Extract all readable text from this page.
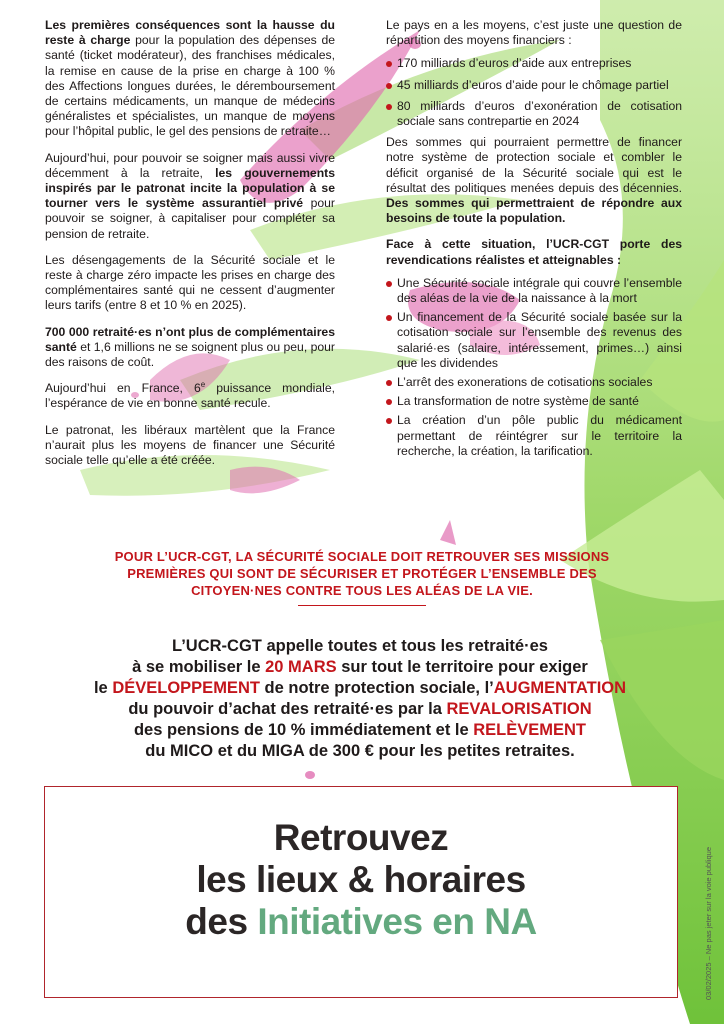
Les premières conséquences sont la hausse du reste à charge pour la population des dépenses de santé (ticket modérateur), des franchises médicales, la remise en cause de la prise en charge à 100 % des Affections longues durées, le déremboursement de certains médicaments, un manque de médecins généralistes et spécialistes, un manque de moyens pour l’hôpital public, le gel des pensions de retraite…

Aujourd’hui, pour pouvoir se soigner mais aussi vivre décemment à la retraite, les gouvernements inspirés par le patronat incite la population à se tourner vers le système assurantiel privé pour pouvoir se soigner, à capitaliser pour compléter sa pension de retraite.

Les désengagements de la Sécurité sociale et le reste à charge zéro impacte les prises en charge des complémentaires santé qui ne cessent d’augmenter leurs tarifs (entre 8 et 10 % en 2025).

700 000 retraité·es n’ont plus de complémentaires santé et 1,6 millions ne se soignent plus ou peu, pour des raisons de coût.

Aujourd’hui en France, 6e puissance mondiale, l’espérance de vie en bonne santé recule.

Le patronat, les libéraux martèlent que la France n’aurait plus les moyens de financer une Sécurité sociale telle qu’elle a été créée.

Le pays en a les moyens, c’est juste une question de répartition des moyens financiers :

170 milliards d’euros d’aide aux entreprises
45 milliards d’euros d’aide pour le chômage partiel
80 milliards d’euros d’exonération de cotisation sociale sans contrepartie en 2024

Des sommes qui pourraient permettre de financer notre système de protection sociale et combler le déficit organisé de la Sécurité sociale qui est le résultat des politiques menées depuis des décennies. Des sommes qui permettraient de répondre aux besoins de toute la population.

Face à cette situation, l’UCR-CGT porte des revendications réalistes et atteignables :

Une Sécurité sociale intégrale qui couvre l’ensemble des aléas de la vie de la naissance à la mort
Un financement de la Sécurité sociale basée sur la cotisation sociale sur l’ensemble des revenus des salarié·es (salaire, intéressement, primes…) ainsi que les dividendes
L’arrêt des exonerations de cotisations sociales
La transformation de notre système de santé
La création d’un pôle public du médicament permettant de réintégrer sur le territoire la recherche, la création, la tarification.
POUR L’UCR-CGT, LA SÉCURITÉ SOCIALE DOIT RETROUVER SES MISSIONS
PREMIÈRES QUI SONT DE SÉCURISER ET PROTÉGER L’ENSEMBLE DES
CITOYEN·NES CONTRE TOUS LES ALÉAS DE LA VIE.
L’UCR-CGT appelle toutes et tous les retraité·es
à se mobiliser le 20 MARS sur tout le territoire pour exiger
le DÉVELOPPEMENT de notre protection sociale, l’AUGMENTATION
du pouvoir d’achat des retraité·es par la REVALORISATION
des pensions de 10 % immédiatement et le RELÈVEMENT
du MICO et du MIGA de 300 € pour les petites retraites.
Retrouvez
les lieux & horaires
des Initiatives en NA	03/02/2025 – Ne pas jeter sur la voie publique
